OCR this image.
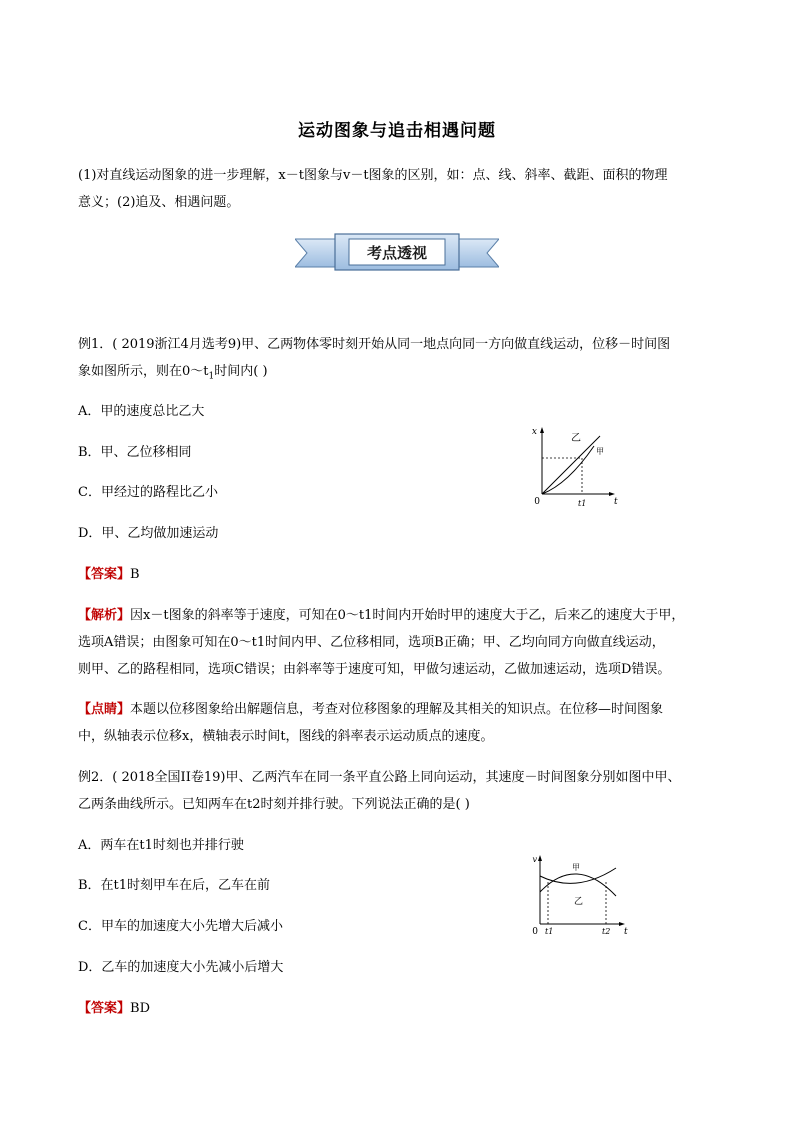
运动图象与追击相遇问题
(1)对直线运动图象的进一步理解，x－t图象与v－t图象的区别，如：点、线、斜率、截距、面积的物理
意义；(2)追及、相遇问题。
考点透视
例1．( 2019浙江4月选考9)甲、乙两物体零时刻开始从同一地点向同一方向做直线运动，位移－时间图
象如图所示，则在$0\sim t_1$时间内( )
A．甲的速度总比乙大
B．甲、乙位移相同
C．甲经过的路程比乙小
D．甲、乙均做加速运动
x
t
0	t1
乙
甲
【答案】B
【解析】因x－t图象的斜率等于速度，可知在0～t1时间内开始时甲的速度大于乙，后来乙的速度大于甲，
选项A错误；由图象可知在0～t1时间内甲、乙位移相同，选项B正确；甲、乙均向同方向做直线运动，
则甲、乙的路程相同，选项C错误；由斜率等于速度可知，甲做匀速运动，乙做加速运动，选项D错误。
【点睛】本题以位移图象给出解题信息，考查对位移图象的理解及其相关的知识点。在位移—时间图象
中，纵轴表示位移x，横轴表示时间t，图线的斜率表示运动质点的速度。
例2．( 2018全国II卷19)甲、乙两汽车在同一条平直公路上同向运动，其速度－时间图象分别如图中甲、
乙两条曲线所示。已知两车在t2时刻并排行驶。下列说法正确的是( )
A．两车在t1时刻也并排行驶
B．在t1时刻甲车在后，乙车在前
C．甲车的加速度大小先增大后减小
D．乙车的加速度大小先减小后增大
v
t
0 t1	t2
甲
乙
【答案】BD
